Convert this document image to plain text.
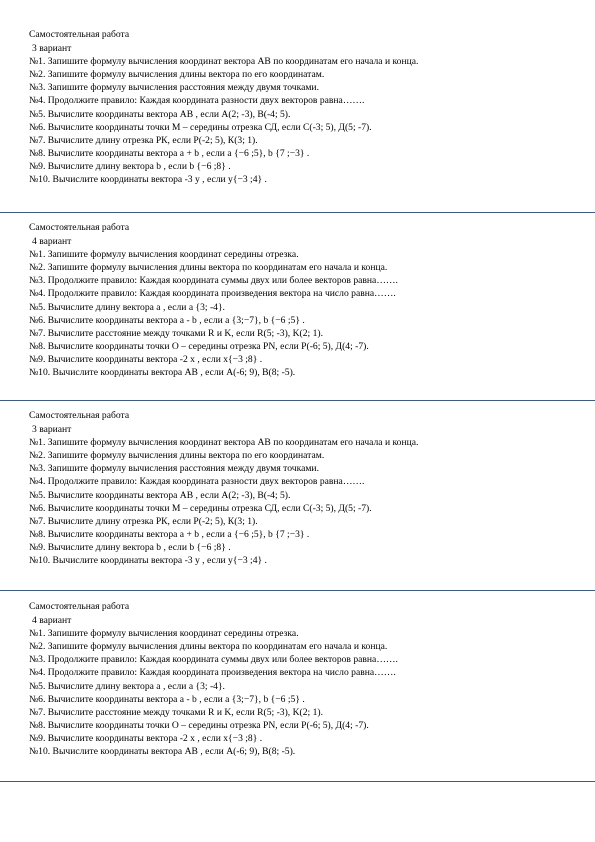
Самостоятельная работа
3 вариант
№1. Запишите формулу вычисления координат вектора AB по координатам его начала и конца.
№2. Запишите формулу вычисления длины вектора по его координатам.
№3. Запишите формулу вычисления расстояния между двумя точками.
№4. Продолжите правило: Каждая координата разности двух векторов равна…….
№5. Вычислите координаты вектора AB , если A(2; -3), B(-4; 5).
№6. Вычислите координаты точки М – середины отрезка СД, если С(-3; 5), Д(5; -7).
№7. Вычислите длину отрезка РК, если Р(-2; 5), К(3; 1).
№8. Вычислите координаты вектора a + b , если a {−6 ;5}, b {7 ;−3} .
№9. Вычислите длину вектора b , если b {−6 ;8} .
№10. Вычислите координаты вектора -3 y , если y{−3 ;4} .
Самостоятельная работа
4 вариант
№1. Запишите формулу вычисления координат середины отрезка.
№2. Запишите формулу вычисления длины вектора по координатам его начала и конца.
№3. Продолжите правило: Каждая координата суммы двух или более векторов равна…….
№4. Продолжите правило: Каждая координата произведения вектора на число равна…….
№5. Вычислите длину вектора a , если a {3; -4}.
№6. Вычислите координаты вектора a - b , если a {3;−7}, b {−6 ;5} .
№7. Вычислите расстояние между точками R и K, если R(5; -3), K(2; 1).
№8. Вычислите координаты точки О – середины отрезка PN, если Р(-6; 5), Д(4; -7).
№9. Вычислите координаты вектора -2 x , если x{−3 ;8} .
№10. Вычислите координаты вектора AB , если A(-6; 9), B(8; -5).
Самостоятельная работа
3 вариант
№1. Запишите формулу вычисления координат вектора AB по координатам его начала и конца.
№2. Запишите формулу вычисления длины вектора по его координатам.
№3. Запишите формулу вычисления расстояния между двумя точками.
№4. Продолжите правило: Каждая координата разности двух векторов равна…….
№5. Вычислите координаты вектора AB , если A(2; -3), B(-4; 5).
№6. Вычислите координаты точки М – середины отрезка СД, если С(-3; 5), Д(5; -7).
№7. Вычислите длину отрезка РК, если Р(-2; 5), К(3; 1).
№8. Вычислите координаты вектора a + b , если a {−6 ;5}, b {7 ;−3} .
№9. Вычислите длину вектора b , если b {−6 ;8} .
№10. Вычислите координаты вектора -3 y , если y{−3 ;4} .
Самостоятельная работа
4 вариант
№1. Запишите формулу вычисления координат середины отрезка.
№2. Запишите формулу вычисления длины вектора по координатам его начала и конца.
№3. Продолжите правило: Каждая координата суммы двух или более векторов равна…….
№4. Продолжите правило: Каждая координата произведения вектора на число равна…….
№5. Вычислите длину вектора a , если a {3; -4}.
№6. Вычислите координаты вектора a - b , если a {3;−7}, b {−6 ;5} .
№7. Вычислите расстояние между точками R и K, если R(5; -3), K(2; 1).
№8. Вычислите координаты точки О – середины отрезка PN, если Р(-6; 5), Д(4; -7).
№9. Вычислите координаты вектора -2 x , если x{−3 ;8} .
№10. Вычислите координаты вектора AB , если A(-6; 9), B(8; -5).
